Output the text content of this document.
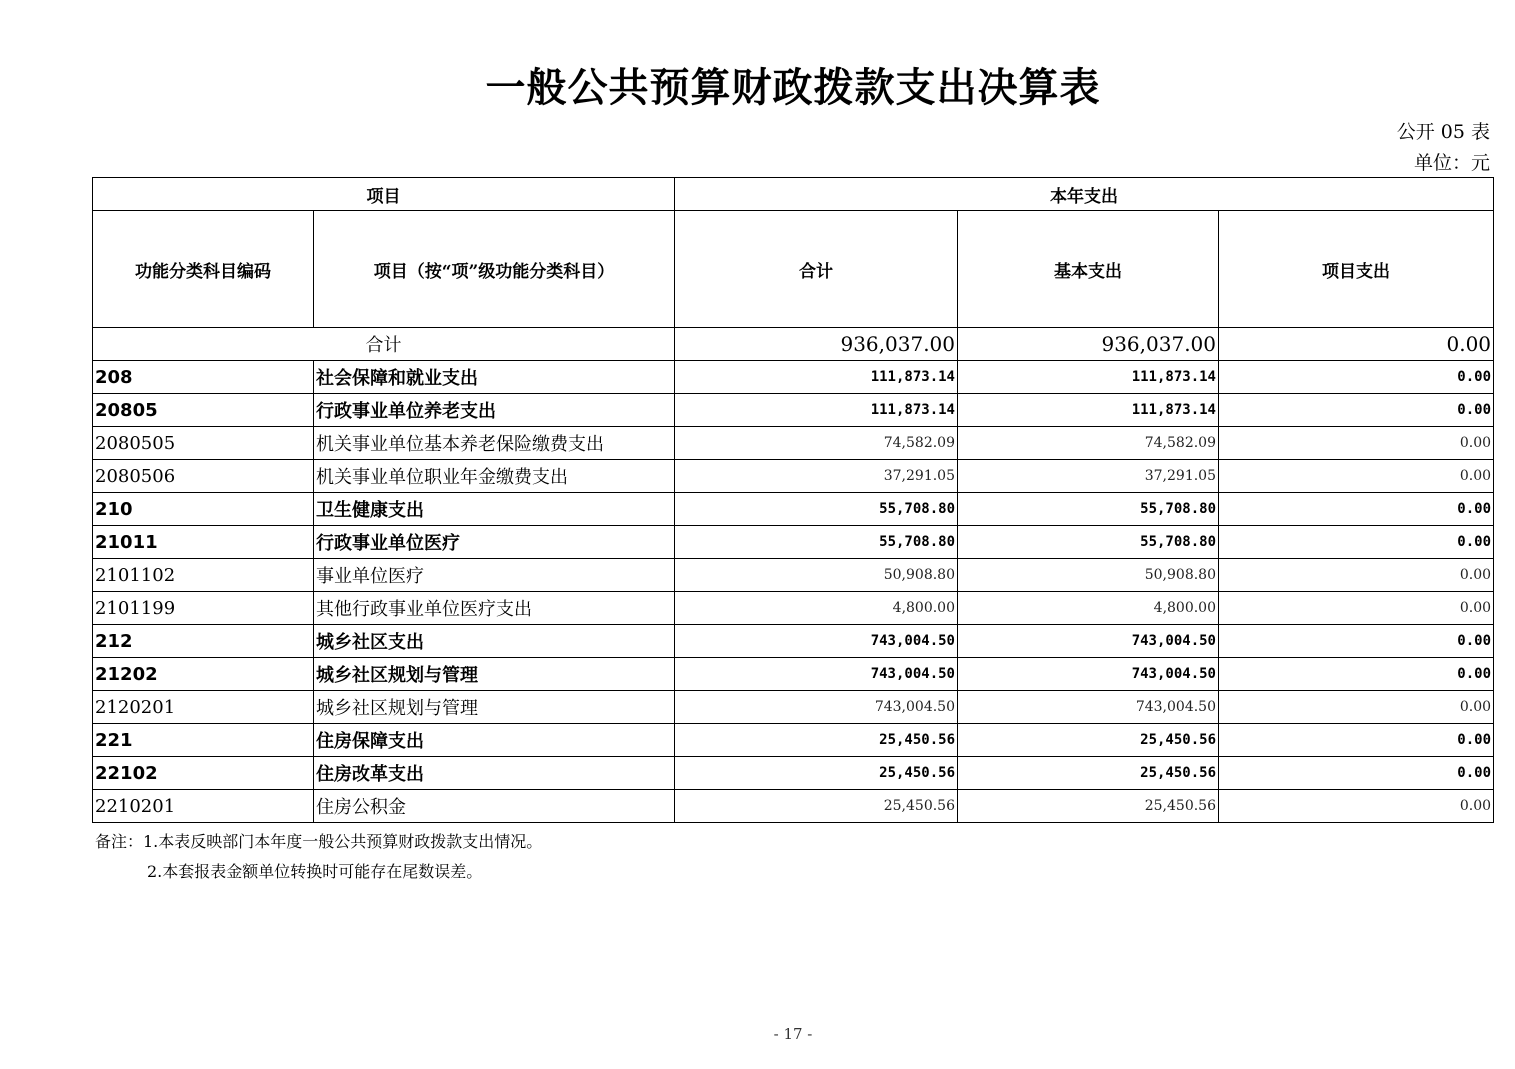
一般公共预算财政拨款支出决算表
公开 05 表
单位：元
项目		本年支出		
功能分类科目编码	项目（按“项”级功能分类科目）	合计	基本支出	项目支出
合计		936,037.00	936,037.00	0.00
208	社会保障和就业支出	111,873.14	111,873.14	0.00
20805	行政事业单位养老支出	111,873.14	111,873.14	0.00
2080505	机关事业单位基本养老保险缴费支出	74,582.09	74,582.09	0.00
2080506	机关事业单位职业年金缴费支出	37,291.05	37,291.05	0.00
210	卫生健康支出	55,708.80	55,708.80	0.00
21011	行政事业单位医疗	55,708.80	55,708.80	0.00
2101102	事业单位医疗	50,908.80	50,908.80	0.00
2101199	其他行政事业单位医疗支出	4,800.00	4,800.00	0.00
212	城乡社区支出	743,004.50	743,004.50	0.00
21202	城乡社区规划与管理	743,004.50	743,004.50	0.00
2120201	城乡社区规划与管理	743,004.50	743,004.50	0.00
221	住房保障支出	25,450.56	25,450.56	0.00
22102	住房改革支出	25,450.56	25,450.56	0.00
2210201	住房公积金	25,450.56	25,450.56	0.00
备注：1.本表反映部门本年度一般公共预算财政拨款支出情况。
2.本套报表金额单位转换时可能存在尾数误差。
- 17 -
